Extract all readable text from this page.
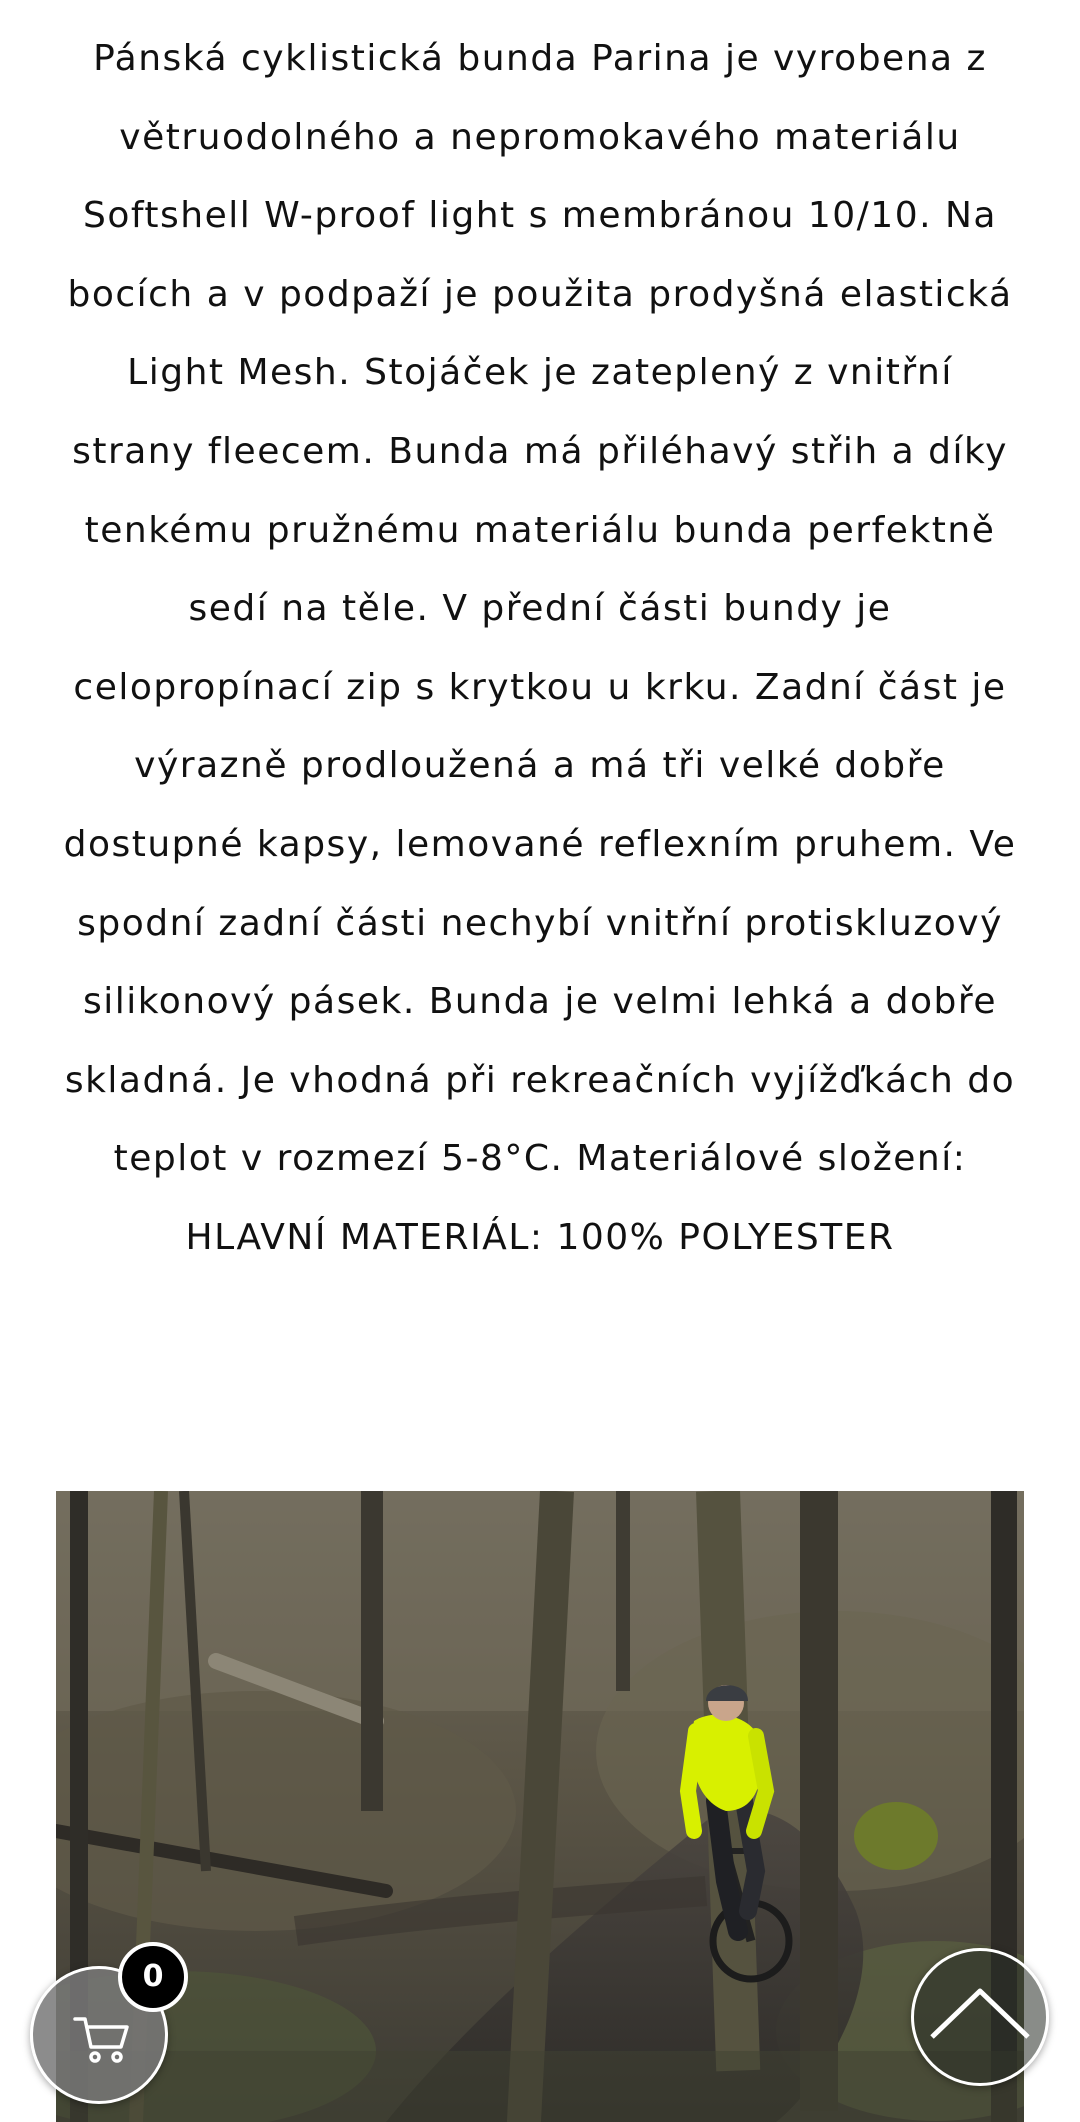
Pánská cyklistická bunda Parina je vyrobena z větruodolného a nepromokavého materiálu Softshell W-proof light s membránou 10/10. Na bocích a v podpaží je použita prodyšná elastická Light Mesh. Stojáček je zateplený z vnitřní strany fleecem. Bunda má přiléhavý střih a díky tenkému pružnému materiálu bunda perfektně sedí na těle. V přední části bundy je celopropínací zip s krytkou u krku. Zadní část je výrazně prodloužená a má tři velké dobře dostupné kapsy, lemované reflexním pruhem. Ve spodní zadní části nechybí vnitřní protiskluzový silikonový pásek. Bunda je velmi lehká a dobře skladná. Je vhodná při rekreačních vyjížďkách do teplot v rozmezí 5-8°C. Materiálové složení: HLAVNÍ MATERIÁL: 100% POLYESTER

0
